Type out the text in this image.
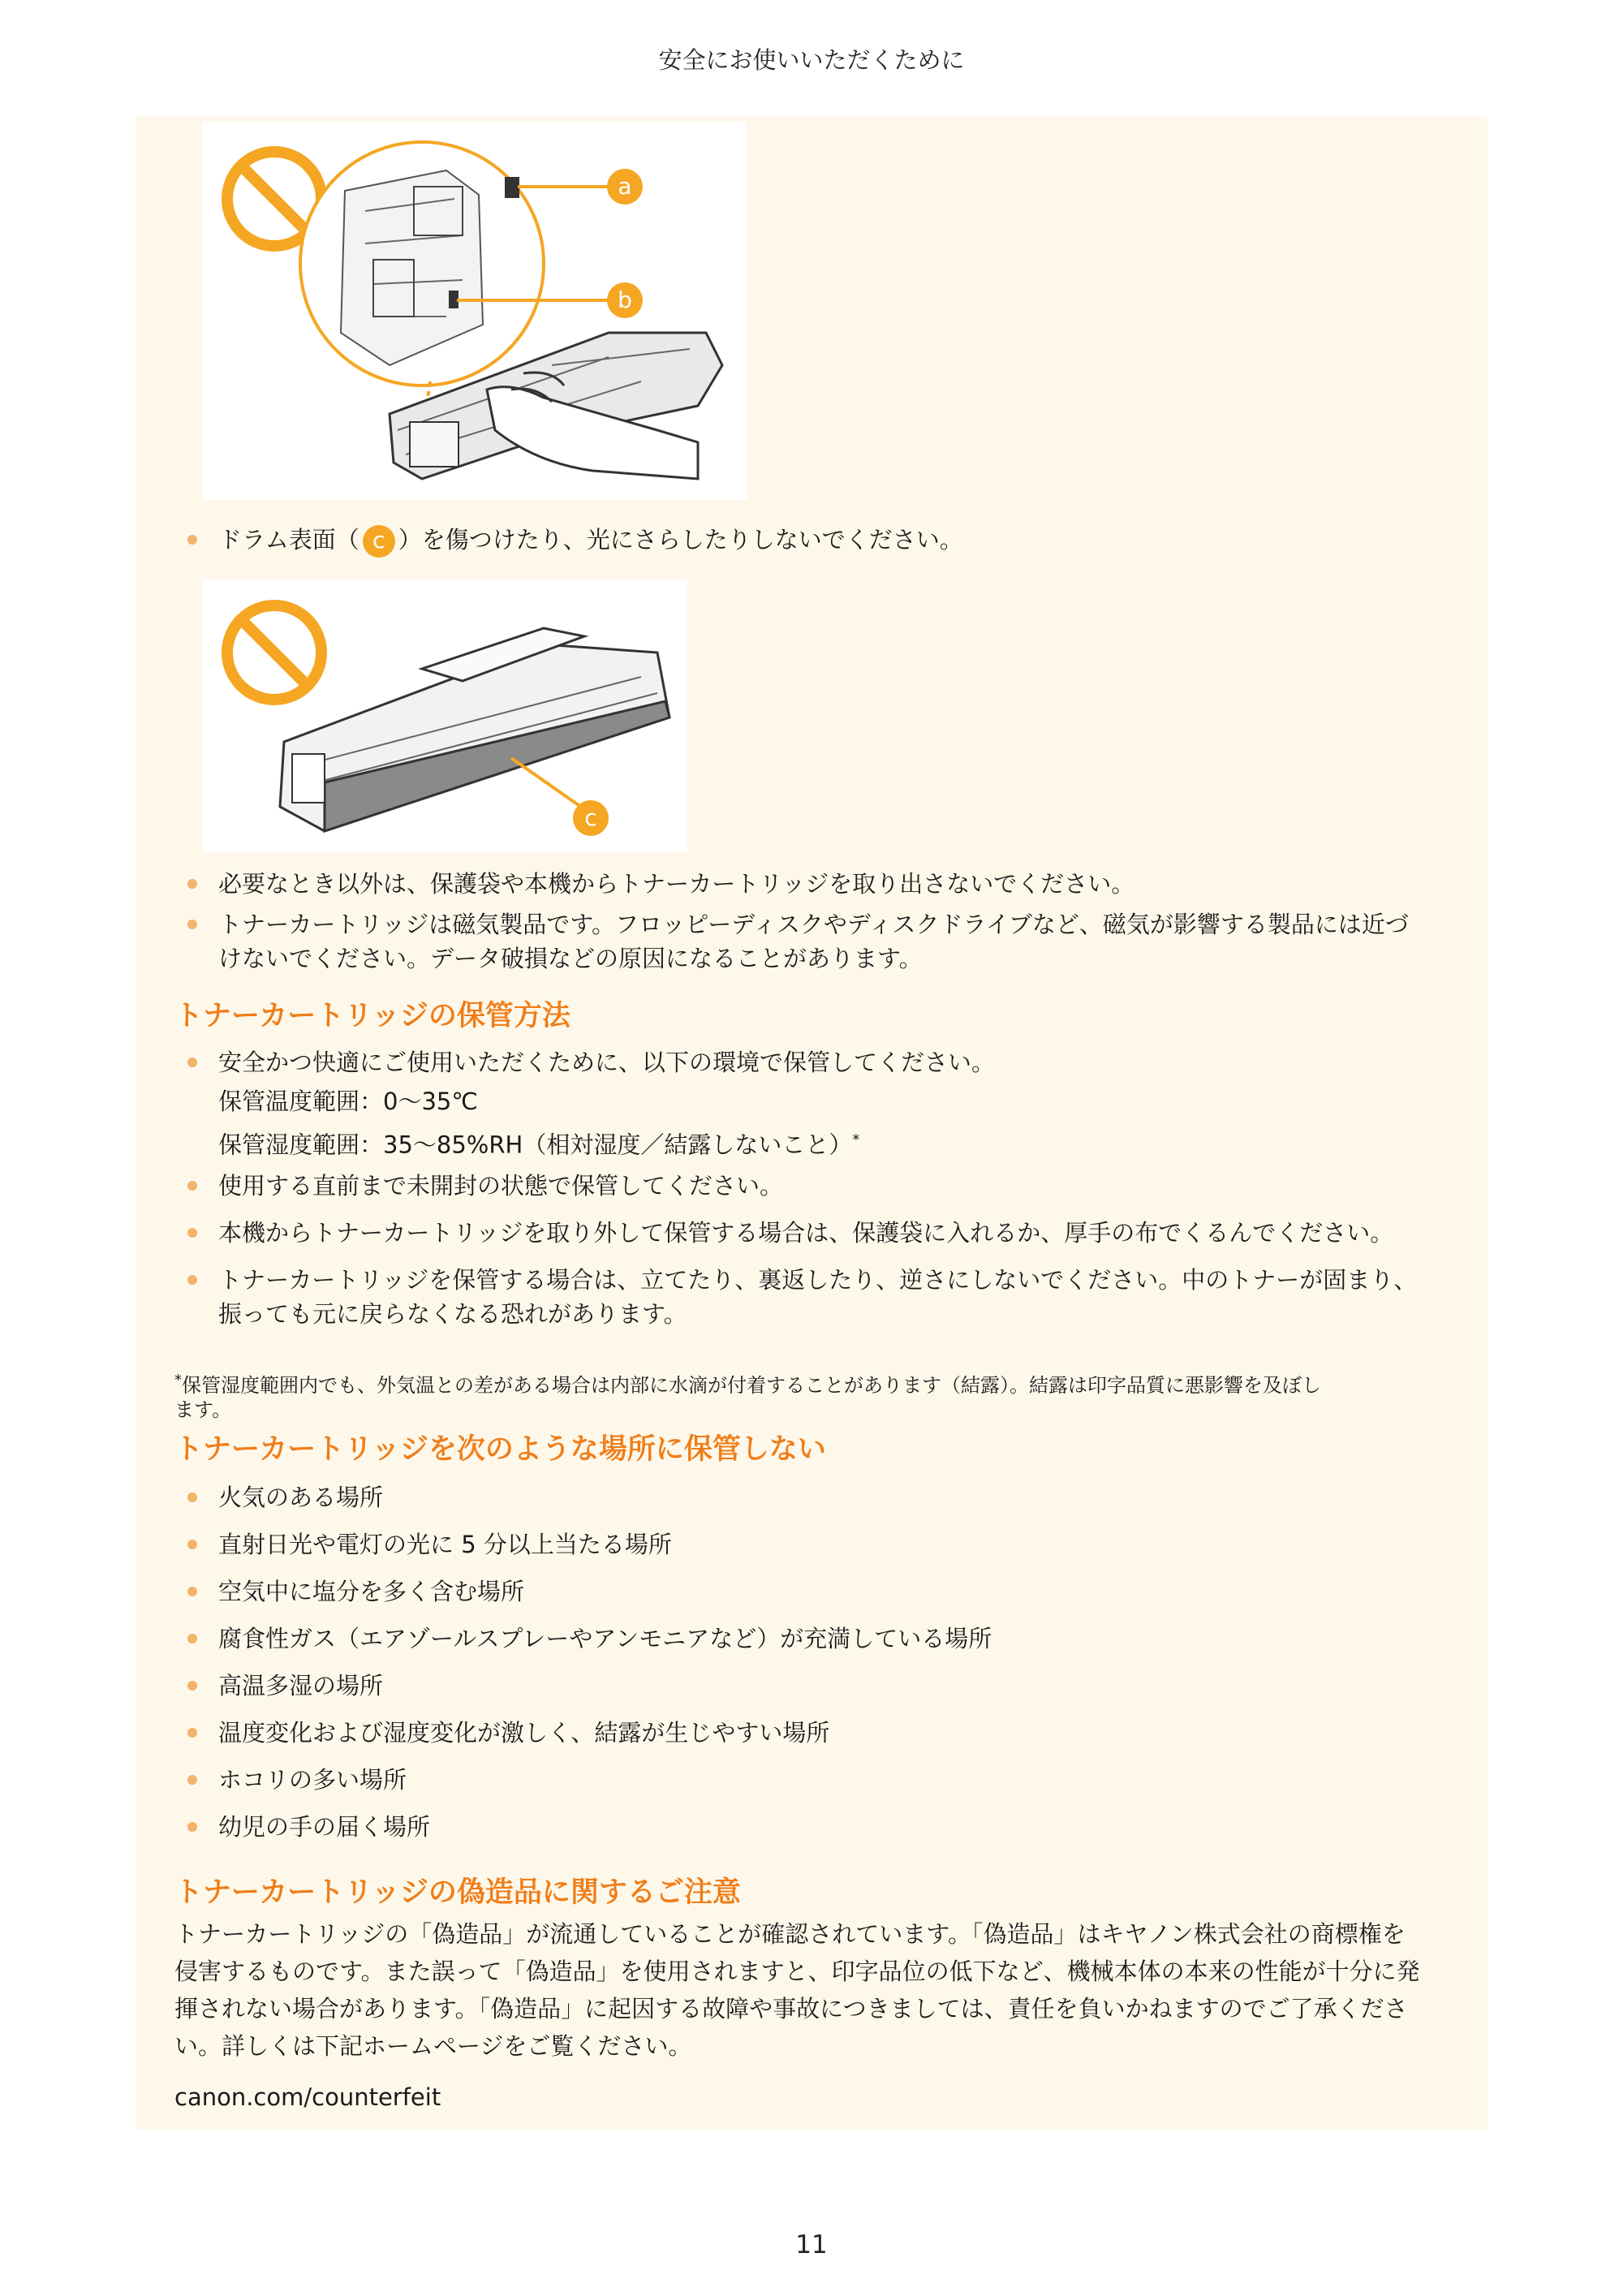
安全にお使いいただくために
a
b
ドラム表面（ c ）を傷つけたり、光にさらしたりしないでください。
c
必要なとき以外は、保護袋や本機からトナーカートリッジを取り出さないでください。
トナーカートリッジは磁気製品です。フロッピーディスクやディスクドライブなど、磁気が影響する製品には近づ
けないでください。データ破損などの原因になることがあります。
トナーカートリッジの保管方法
安全かつ快適にご使用いただくために、以下の環境で保管してください。
保管温度範囲：0〜35℃
保管湿度範囲：35〜85%RH（相対湿度／結露しないこと）*
使用する直前まで未開封の状態で保管してください。
本機からトナーカートリッジを取り外して保管する場合は、保護袋に入れるか、厚手の布でくるんでください。
トナーカートリッジを保管する場合は、立てたり、裏返したり、逆さにしないでください。中のトナーが固まり、
振っても元に戻らなくなる恐れがあります。
*保管湿度範囲内でも、外気温との差がある場合は内部に水滴が付着することがあります（結露）。結露は印字品質に悪影響を及ぼし
ます。
トナーカートリッジを次のような場所に保管しない
火気のある場所
直射日光や電灯の光に 5 分以上当たる場所
空気中に塩分を多く含む場所
腐食性ガス（エアゾールスプレーやアンモニアなど）が充満している場所
高温多湿の場所
温度変化および湿度変化が激しく、結露が生じやすい場所
ホコリの多い場所
幼児の手の届く場所
トナーカートリッジの偽造品に関するご注意

トナーカートリッジの「偽造品」が流通していることが確認されています。「偽造品」はキヤノン株式会社の商標権を
侵害するものです。また誤って「偽造品」を使用されますと、印字品位の低下など、機械本体の本来の性能が十分に発
揮されない場合があります。「偽造品」に起因する故障や事故につきましては、責任を負いかねますのでご了承くださ
い。詳しくは下記ホームページをご覧ください。

canon.com/counterfeit
11
